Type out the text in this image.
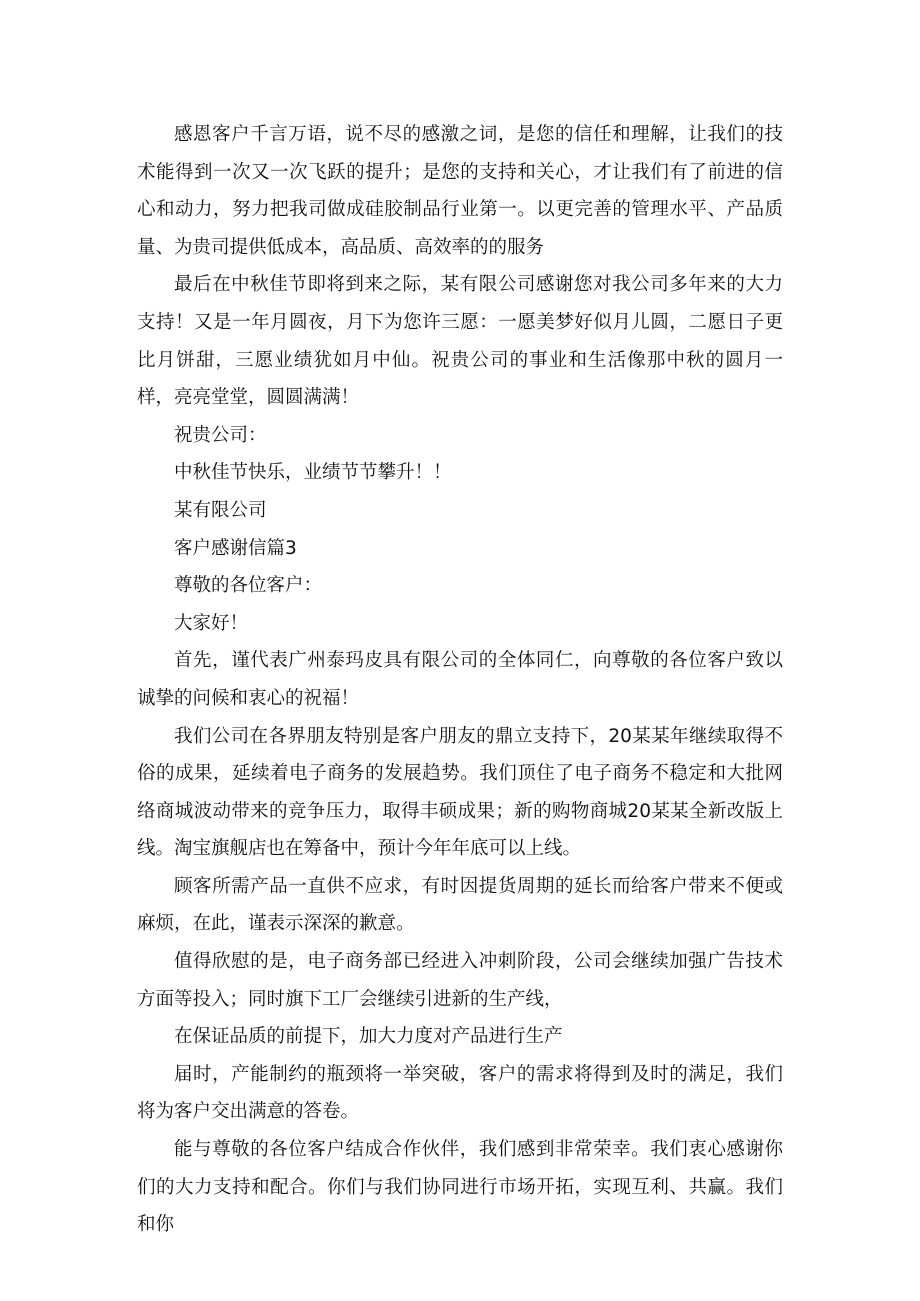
感恩客户千言万语，说不尽的感激之词，是您的信任和理解，让我们的技术能得到一次又一次飞跃的提升；是您的支持和关心，才让我们有了前进的信心和动力，努力把我司做成硅胶制品行业第一。以更完善的管理水平、产品质量、为贵司提供低成本，高品质、高效率的的服务

最后在中秋佳节即将到来之际，某有限公司感谢您对我公司多年来的大力支持！又是一年月圆夜，月下为您许三愿：一愿美梦好似月儿圆，二愿日子更比月饼甜，三愿业绩犹如月中仙。祝贵公司的事业和生活像那中秋的圆月一样，亮亮堂堂，圆圆满满！

祝贵公司：

中秋佳节快乐，业绩节节攀升！！

某有限公司

客户感谢信篇3

尊敬的各位客户：

大家好！

首先，谨代表广州泰玛皮具有限公司的全体同仁，向尊敬的各位客户致以诚挚的问候和衷心的祝福！

我们公司在各界朋友特别是客户朋友的鼎立支持下，20某某年继续取得不俗的成果，延续着电子商务的发展趋势。我们顶住了电子商务不稳定和大批网络商城波动带来的竞争压力，取得丰硕成果；新的购物商城20某某全新改版上线。淘宝旗舰店也在筹备中，预计今年年底可以上线。

顾客所需产品一直供不应求，有时因提货周期的延长而给客户带来不便或麻烦，在此，谨表示深深的歉意。

值得欣慰的是，电子商务部已经进入冲刺阶段，公司会继续加强广告技术方面等投入；同时旗下工厂会继续引进新的生产线，

在保证品质的前提下，加大力度对产品进行生产

届时，产能制约的瓶颈将一举突破，客户的需求将得到及时的满足，我们将为客户交出满意的答卷。

能与尊敬的各位客户结成合作伙伴，我们感到非常荣幸。我们衷心感谢你们的大力支持和配合。你们与我们协同进行市场开拓，实现互利、共赢。我们和你
